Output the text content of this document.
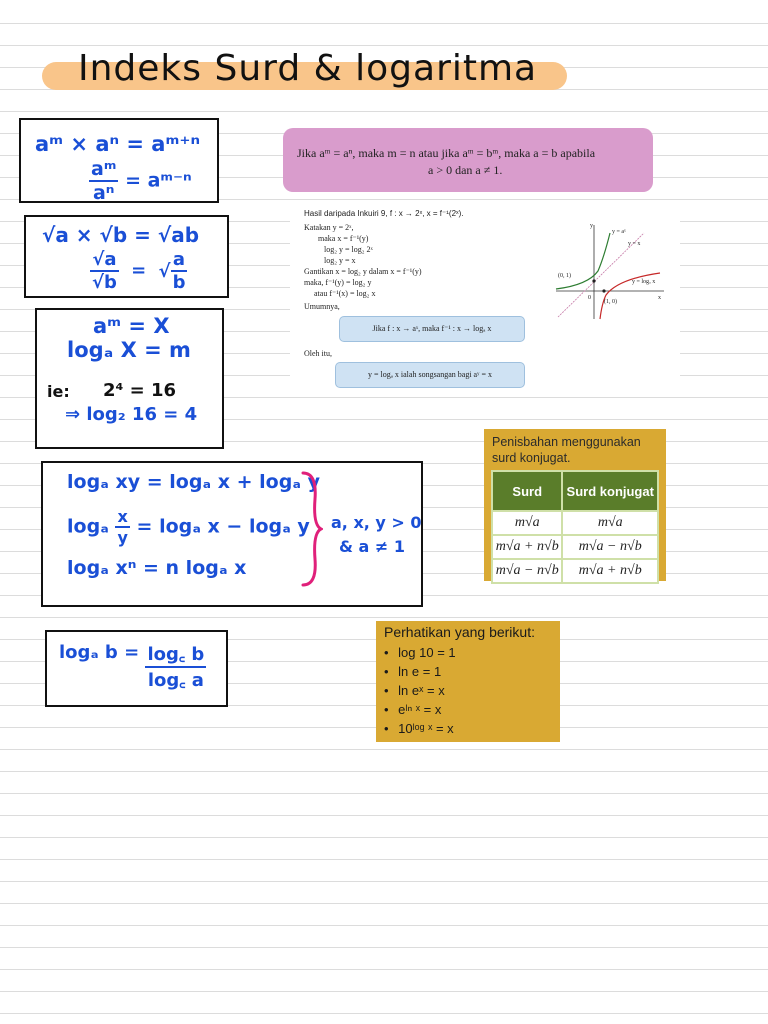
Indeks Surd & logaritma
aᵐ × aⁿ = aᵐ⁺ⁿ
$\frac{\text{aᵐ}}{\text{aⁿ}}$ = aᵐ⁻ⁿ
√a × √b = √ab
$\frac{√a}{√b}$ = √ $\frac{a}{b}$
aᵐ = X
logₐ X = m
ie: 2⁴ = 16
⇒ log₂ 16 = 4
logₐ xy = logₐ x + logₐ y
logₐ $\frac{x}{y} = \log_a$ x − logₐ y
logₐ xⁿ = n logₐ x
a, x, y > 0
& a ≠ 1
logₐ $b = \frac{\log꜀ b}{\log꜀ a}$
Jika aᵐ = aⁿ, maka m = n atau jika aᵐ = bᵐ, maka a = b apabila
a > 0 dan a ≠ 1.
Hasil daripada Inkuiri 9, f : x → 2ˣ, x = f⁻¹(2ˣ).
Katakan y = 2ˣ,
maka x = f⁻¹(y)
log₂ y = log₂ 2ˣ
log₂ y = x
Gantikan x = log₂ y dalam x = f⁻¹(y)
maka, f⁻¹(y) = log₂ y
atau f⁻¹(x) = log₂ x
Umumnya,
Jika f : x → aˣ, maka f⁻¹ : x → logₐ x
Oleh itu,
y = logₐ x ialah songsangan bagi aʸ = x
y = aˣ
y = x
y = logₐ x
(0, 1)
(1, 0)
y
x
0
Penisbahan menggunakan surd konjugat.
Surd	Surd konjugat
m√a	m√a
m√a + n√b	m√a − n√b
m√a − n√b	m√a + n√b
Perhatikan yang berikut:
• log 10 = 1
• ln e = 1
• ln eˣ = x
• eˡⁿ ˣ = x
• 10ˡᵒᵍ ˣ = x
